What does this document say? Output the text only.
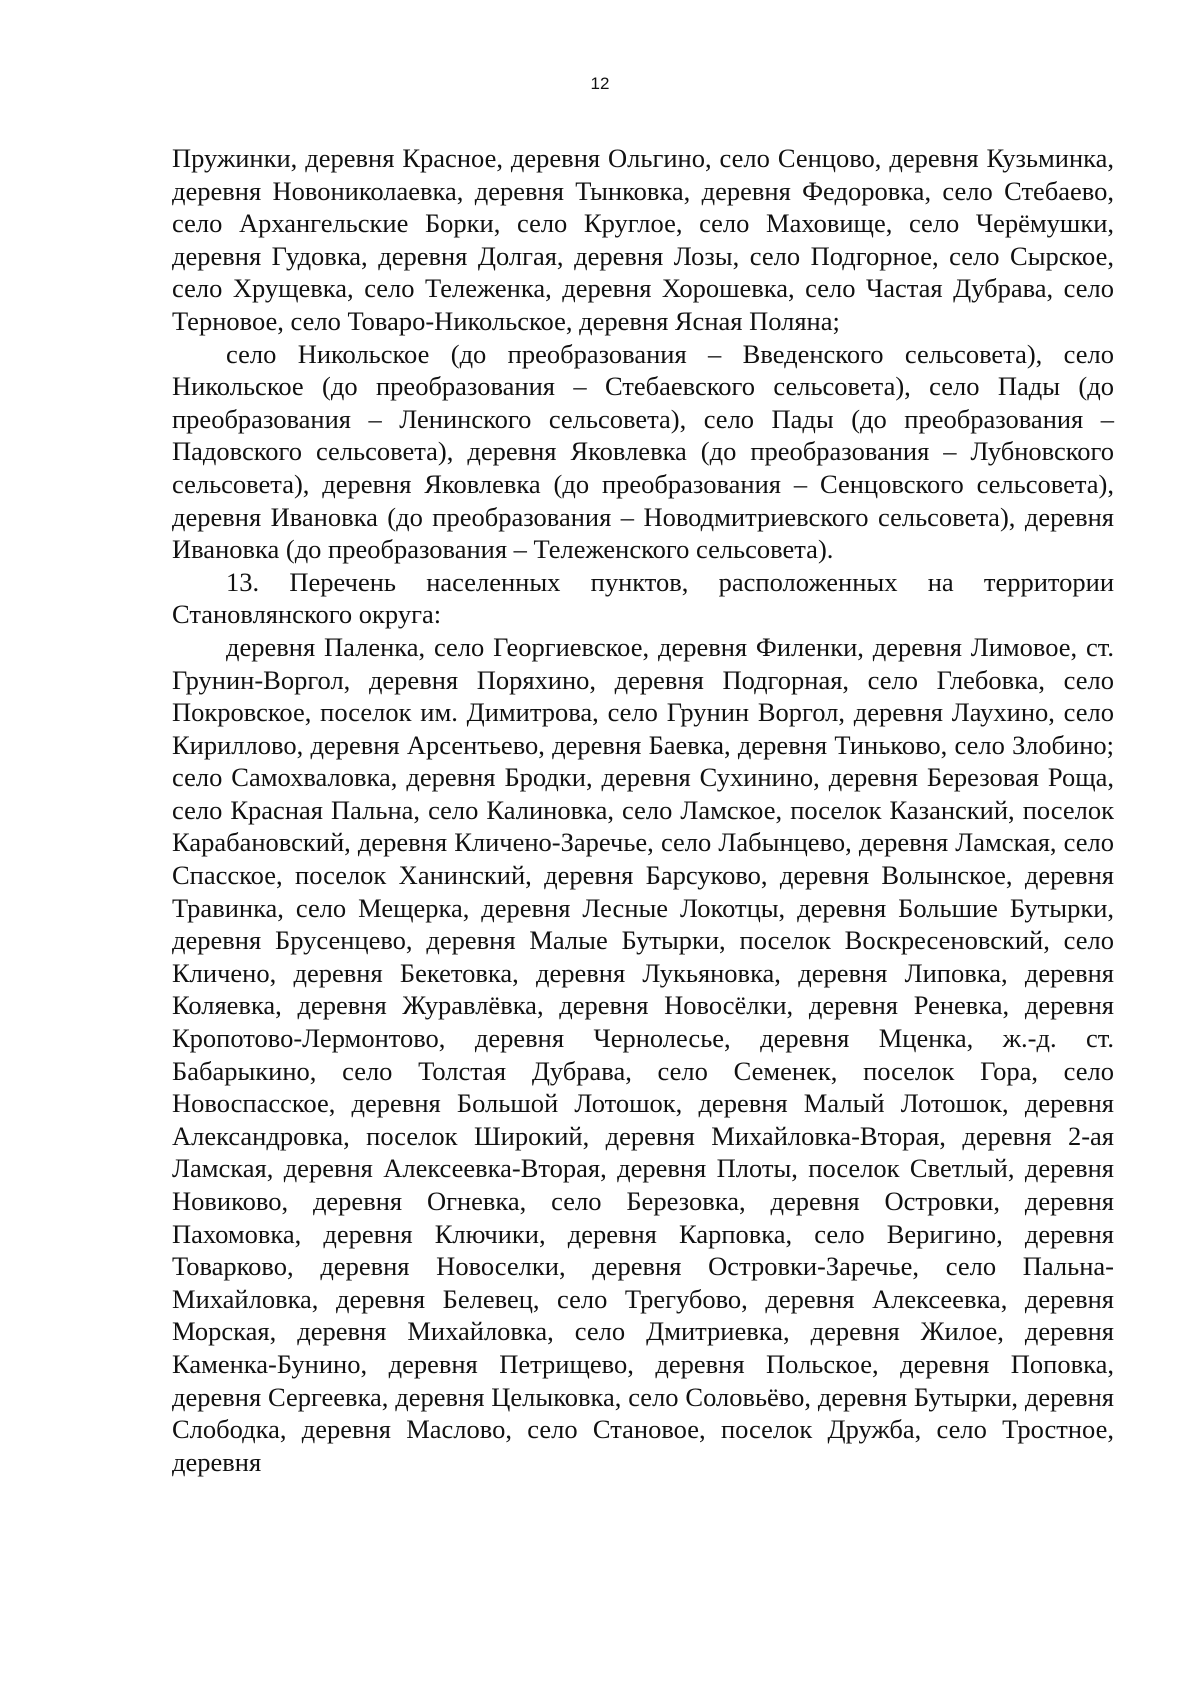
12

Пружинки, деревня Красное, деревня Ольгино, село Сенцово, деревня Кузьминка, деревня Новониколаевка, деревня Тынковка, деревня Федоровка, село Стебаево, село Архангельские Борки, село Круглое, село Маховище, село Черёмушки, деревня Гудовка, деревня Долгая, деревня Лозы, село Подгорное, село Сырское, село Хрущевка, село Тележенка, деревня Хорошевка, село Частая Дубрава, село Терновое, село Товаро-Никольское, деревня Ясная Поляна;

село Никольское (до преобразования – Введенского сельсовета), село Никольское (до преобразования – Стебаевского сельсовета), село Пады (до преобразования – Ленинского сельсовета), село Пады (до преобразования – Падовского сельсовета), деревня Яковлевка (до преобразования – Лубновского сельсовета), деревня Яковлевка (до преобразования – Сенцовского сельсовета), деревня Ивановка (до преобразования – Новодмитриевского сельсовета), деревня Ивановка (до преобразования – Тележенского сельсовета).

13. Перечень населенных пунктов, расположенных на территории Становлянского округа:

деревня Паленка, село Георгиевское, деревня Филенки, деревня Лимовое, ст. Грунин-Воргол, деревня Поряхино, деревня Подгорная, село Глебовка, село Покровское, поселок им. Димитрова, село Грунин Воргол, деревня Лаухино, село Кириллово, деревня Арсентьево, деревня Баевка, деревня Тиньково, село Злобино; село Самохваловка, деревня Бродки, деревня Сухинино, деревня Березовая Роща, село Красная Пальна, село Калиновка, село Ламское, поселок Казанский, поселок Карабановский, деревня Кличено-Заречье, село Лабынцево, деревня Ламская, село Спасское, поселок Ханинский, деревня Барсуково, деревня Волынское, деревня Травинка, село Мещерка, деревня Лесные Локотцы, деревня Большие Бутырки, деревня Брусенцево, деревня Малые Бутырки, поселок Воскресеновский, село Кличено, деревня Бекетовка, деревня Лукьяновка, деревня Липовка, деревня Коляевка, деревня Журавлёвка, деревня Новосёлки, деревня Реневка, деревня Кропотово-Лермонтово, деревня Чернолесье, деревня Мценка, ж.-д. ст. Бабарыкино, село Толстая Дубрава, село Семенек, поселок Гора, село Новоспасское, деревня Большой Лотошок, деревня Малый Лотошок, деревня Александровка, поселок Широкий, деревня Михайловка-Вторая, деревня 2-ая Ламская, деревня Алексеевка-Вторая, деревня Плоты, поселок Светлый, деревня Новиково, деревня Огневка, село Березовка, деревня Островки, деревня Пахомовка, деревня Ключики, деревня Карповка, село Веригино, деревня Товарково, деревня Новоселки, деревня Островки-Заречье, село Пальна-Михайловка, деревня Белевец, село Трегубово, деревня Алексеевка, деревня Морская, деревня Михайловка, село Дмитриевка, деревня Жилое, деревня Каменка-Бунино, деревня Петрищево, деревня Польское, деревня Поповка, деревня Сергеевка, деревня Целыковка, село Соловьёво, деревня Бутырки, деревня Слободка, деревня Маслово, село Становое, поселок Дружба, село Тростное, деревня
